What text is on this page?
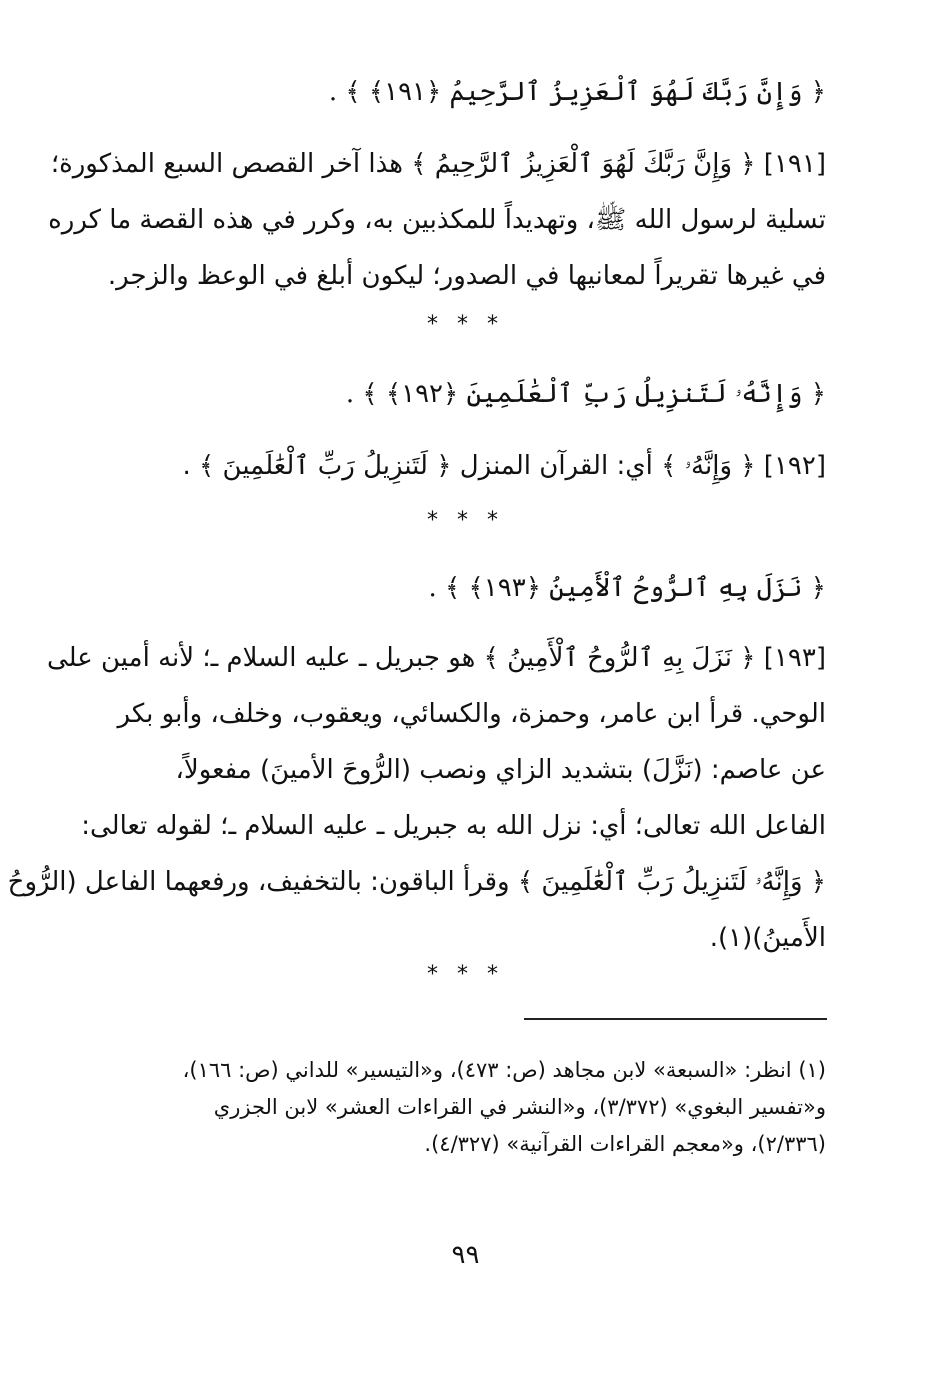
﴿ وَإِنَّ رَبَّكَ لَهُوَ ٱلْعَزِيزُ ٱلرَّحِيمُ ﴿١٩١﴾ ﴾ .
[١٩١] ﴿ وَإِنَّ رَبَّكَ لَهُوَ ٱلْعَزِيزُ ٱلرَّحِيمُ ﴾ هذا آخر القصص السبع المذكورة؛
تسلية لرسول الله ﷺ، وتهديداً للمكذبين به، وكرر في هذه القصة ما كرره
في غيرها تقريراً لمعانيها في الصدور؛ ليكون أبلغ في الوعظ والزجر.
* * *
﴿ وَإِنَّهُۥ لَتَنزِيلُ رَبِّ ٱلْعَٰلَمِينَ ﴿١٩٢﴾ ﴾ .
[١٩٢] ﴿ وَإِنَّهُۥ ﴾ أي: القرآن المنزل ﴿ لَتَنزِيلُ رَبِّ ٱلْعَٰلَمِينَ ﴾ .
* * *
﴿ نَزَلَ بِهِ ٱلرُّوحُ ٱلْأَمِينُ ﴿١٩٣﴾ ﴾ .
[١٩٣] ﴿ نَزَلَ بِهِ ٱلرُّوحُ ٱلْأَمِينُ ﴾ هو جبريل ـ عليه السلام ـ؛ لأنه أمين على
الوحي. قرأ ابن عامر، وحمزة، والكسائي، ويعقوب، وخلف، وأبو بكر
عن عاصم: (نَزَّلَ) بتشديد الزاي ونصب (الرُّوحَ الأمينَ) مفعولاً،
الفاعل الله تعالى؛ أي: نزل الله به جبريل ـ عليه السلام ـ؛ لقوله تعالى:
﴿ وَإِنَّهُۥ لَتَنزِيلُ رَبِّ ٱلْعَٰلَمِينَ ﴾ وقرأ الباقون: بالتخفيف، ورفعهما الفاعل (الرُّوحُ
الأَمينُ)(١).
* * *
(١) انظر: «السبعة» لابن مجاهد (ص: ٤٧٣)، و«التيسير» للداني (ص: ١٦٦)،
و«تفسير البغوي» (٣/٣٧٢)، و«النشر في القراءات العشر» لابن الجزري
(٢/٣٣٦)، و«معجم القراءات القرآنية» (٤/٣٢٧).
٩٩
